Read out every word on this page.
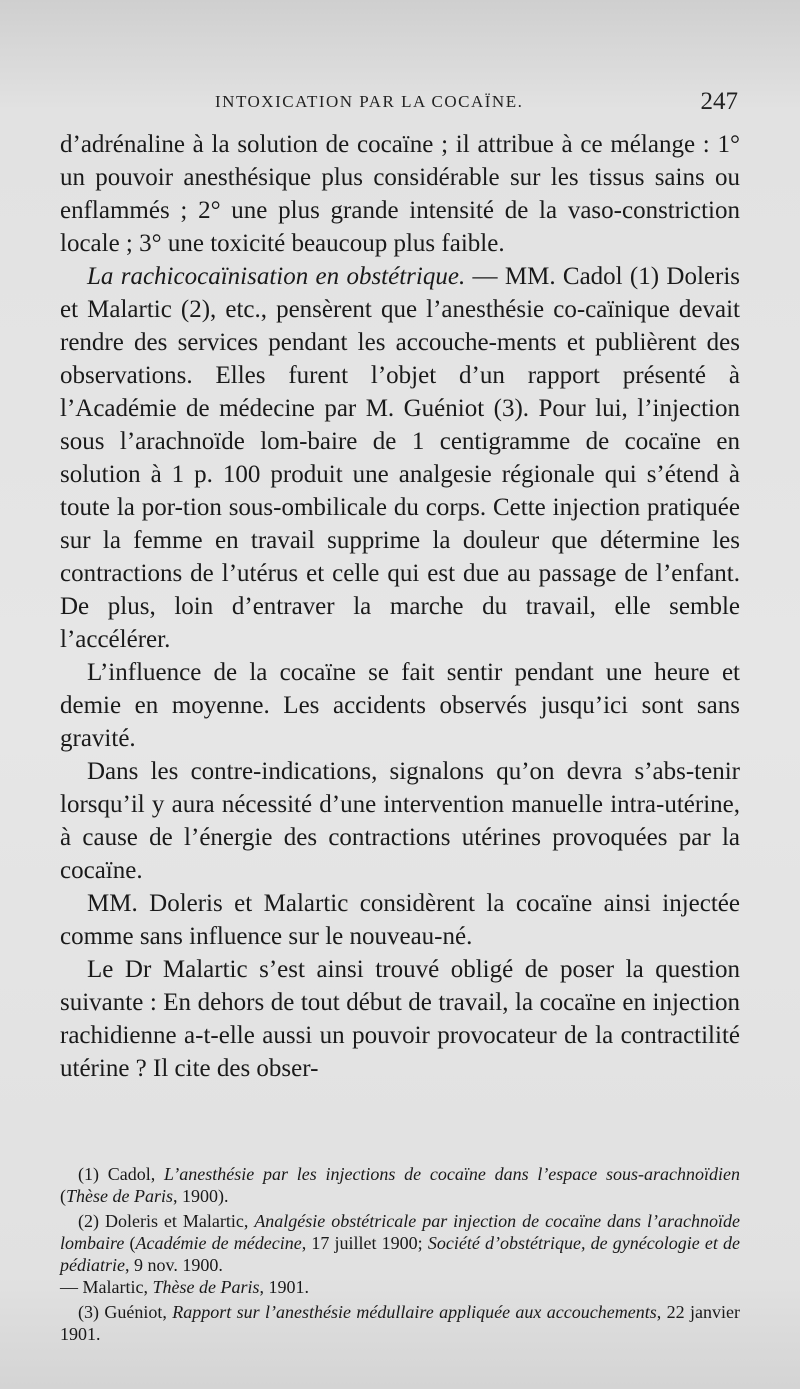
INTOXICATION PAR LA COCAÏNE.	247

d’adrénaline à la solution de cocaïne ; il attribue à ce mélange : 1° un pouvoir anesthésique plus considérable sur les tissus sains ou enflammés ; 2° une plus grande intensité de la vaso-constriction locale ; 3° une toxicité beaucoup plus faible.

La rachicocaïnisation en obstétrique. — MM. Cadol (1) Doleris et Malartic (2), etc., pensèrent que l’anesthésie co-caïnique devait rendre des services pendant les accouche-ments et publièrent des observations. Elles furent l’objet d’un rapport présenté à l’Académie de médecine par M. Guéniot (3). Pour lui, l’injection sous l’arachnoïde lom-baire de 1 centigramme de cocaïne en solution à 1 p. 100 produit une analgesie régionale qui s’étend à toute la por-tion sous-ombilicale du corps. Cette injection pratiquée sur la femme en travail supprime la douleur que détermine les contractions de l’utérus et celle qui est due au passage de l’enfant. De plus, loin d’entraver la marche du travail, elle semble l’accélérer.

L’influence de la cocaïne se fait sentir pendant une heure et demie en moyenne. Les accidents observés jusqu’ici sont sans gravité.

Dans les contre-indications, signalons qu’on devra s’abs-tenir lorsqu’il y aura nécessité d’une intervention manuelle intra-utérine, à cause de l’énergie des contractions utérines provoquées par la cocaïne.

MM. Doleris et Malartic considèrent la cocaïne ainsi injectée comme sans influence sur le nouveau-né.

Le Dr Malartic s’est ainsi trouvé obligé de poser la question suivante : En dehors de tout début de travail, la cocaïne en injection rachidienne a-t-elle aussi un pouvoir provocateur de la contractilité utérine ? Il cite des obser-

(1) Cadol, L’anesthésie par les injections de cocaïne dans l’espace sous-arachnoïdien (Thèse de Paris, 1900).

(2) Doleris et Malartic, Analgésie obstétricale par injection de cocaïne dans l’arachnoïde lombaire (Académie de médecine, 17 juillet 1900; Société d’obstétrique, de gynécologie et de pédiatrie, 9 nov. 1900.

— Malartic, Thèse de Paris, 1901.

(3) Guéniot, Rapport sur l’anesthésie médullaire appliquée aux accouchements, 22 janvier 1901.
